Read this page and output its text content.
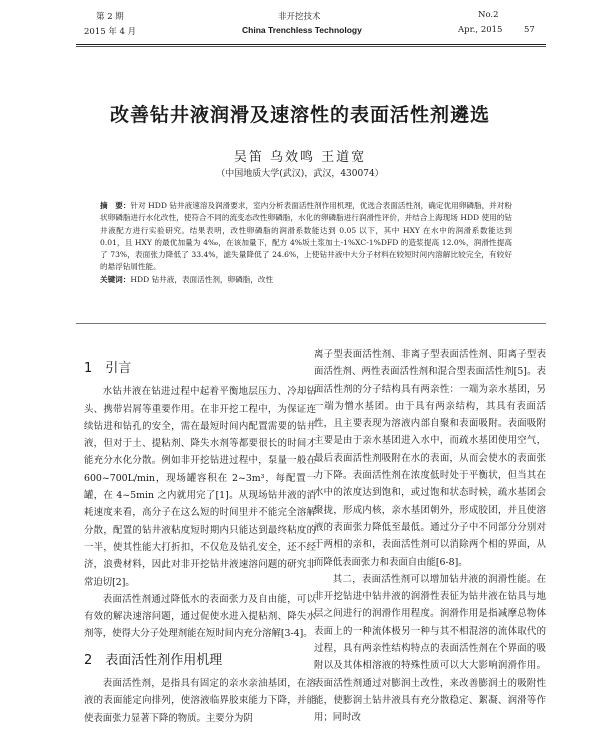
第 2 期	非开挖技术	No.2
2015 年 4 月	China Trenchless Technology	Apr., 2015	57
改善钻井液润滑及速溶性的表面活性剂遴选
吴笛 乌效鸣 王道宽
（中国地质大学(武汉)，武汉，430074）

摘　要：针对 HDD 钻井液速溶及润滑要求，室内分析表面活性剂作用机理，优选合表面活性剂，确定优用卵磷脂，并对粉状卵磷脂进行水化改性，使符合不同的流变态改性卵磷脂，水化的卵磷脂进行润滑性评价，并结合上海现场 HDD 使用的钻井液配方进行实验研究。结果表明，改性卵磷脂的润滑系数能达到 0.05 以下，其中 HXY 在水中的润滑系数能达到 0.01，且 HXY 的最优加量为 4‰，在该加量下，配方 4%坂土浆加土-1%XC-1%DFD 的造浆提高 12.0%，润滑性提高了 73%，表面张力降低了 33.4%，滤失量降低了 24.6%，上使钻井液中大分子材料在较短时间内溶解比较完全，有较好的悬浮钻屑性能。

关键词：HDD 钻井液，表面活性剂，卵磷脂，改性

1　引言

水钻井液在钻进过程中起着平衡地层压力、冷却钻头、携带岩屑等重要作用。在非开挖工程中，为保证连续钻进和钻孔的安全，需在最短时间内配置需要的钻井液，但对于土、提粘剂、降失水剂等都要很长的时间才能充分水化分散。例如非开挖钻进过程中，泵量一般在 600~700L/min，现场罐容积在 2~3m³，每配置一罐，在 4~5min 之内就用完了[1]。从现场钻井液的消耗速度来看，高分子在这么短的时间里并不能完全溶解分散，配置的钻井液粘度短时期内只能达到最终粘度的一半，使其性能大打折扣，不仅危及钻孔安全，还不经济，浪费材料，因此对非开挖钻井液速溶问题的研究非常迫切[2]。

表面活性剂通过降低水的表面张力及自由能，可以有效的解决速溶问题，通过促使水进入提粘剂、降失水剂等，使得大分子处理剂能在短时间内充分溶解[3-4]。

2　表面活性剂作用机理

表面活性剂，是指具有固定的亲水亲油基团，在溶液的表面能定向排列，使溶液临界胶束能力下降，并能使表面张力显著下降的物质。主要分为阴

离子型表面活性剂、非离子型表面活性剂、阳离子型表面活性剂、两性表面活性剂和混合型表面活性剂[5]。表面活性剂的分子结构具有两亲性：一端为亲水基团，另一端为憎水基团。由于具有两亲结构，其具有表面活性，且主要表现为溶液内部自聚和表面吸附。表面吸附主要是由于亲水基团进入水中，而疏水基团使用空气，最后表面活性剂吸附在水的表面，从而会使水的表面张力下降。表面活性剂在浓度低时处于平衡状，但当其在水中的浓度达到饱和，或过饱和状态时候，疏水基团会聚拢，形成内核，亲水基团朝外，形成胶团，并且使溶液的表面张力降低至最低。通过分子中不同部分分别对于两相的亲和，表面活性剂可以消除两个相的界面，从而降低表面张力和表面自由能[6-8]。

其二，表面活性剂可以增加钻井液的润滑性能。在非开挖钻进中钻井液的润滑性表征为钻井液在钻具与地层之间进行的润滑作用程度。润滑作用是指减摩总物体表面上的一种流体极另一种与其不相混溶的流体取代的过程，具有两亲性结构特点的表面活性剂在个界面的吸附以及其体相溶液的特殊性质可以大大影响润滑作用。表面活性剂通过对膨润土改性，来改善膨润土的吸附性能，使膨润土钻井液具有充分散稳定、絮凝、润滑等作用；同时改
